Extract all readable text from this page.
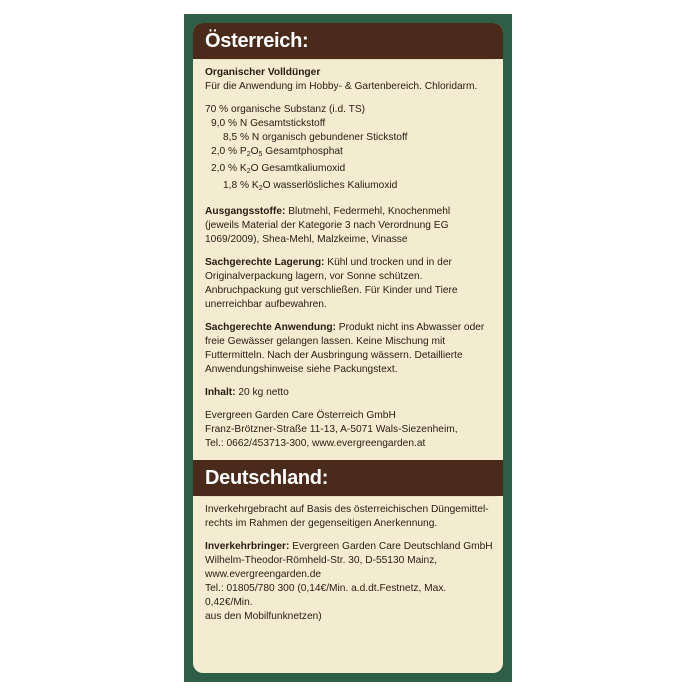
Österreich:

Organischer Volldünger
Für die Anwendung im Hobby- & Gartenbereich. Chloridarm.

70 % organische Substanz (i.d. TS)
9,0 % N Gesamtstickstoff
8,5 % N organisch gebundener Stickstoff
2,0 % $P_2O_5$ Gesamtphosphat
2,0 % $K_2O$ Gesamtkaliumoxid
1,8 % $K_2O$ wasserlösliches Kaliumoxid

Ausgangsstoffe: Blutmehl, Federmehl, Knochenmehl
(jeweils Material der Kategorie 3 nach Verordnung EG
1069/2009), Shea-Mehl, Malzkeime, Vinasse

Sachgerechte Lagerung: Kühl und trocken und in der
Originalverpackung lagern, vor Sonne schützen.
Anbruchpackung gut verschließen. Für Kinder und Tiere
unerreichbar aufbewahren.

Sachgerechte Anwendung: Produkt nicht ins Abwasser oder
freie Gewässer gelangen lassen. Keine Mischung mit
Futtermitteln. Nach der Ausbringung wässern. Detaillierte
Anwendungshinweise siehe Packungstext.

Inhalt: 20 kg netto

Evergreen Garden Care Österreich GmbH
Franz-Brötzner-Straße 11-13, A-5071 Wals-Siezenheim,
Tel.: 0662/453713-300, www.evergreengarden.at

Deutschland:

Inverkehrgebracht auf Basis des österreichischen Düngemittel-
rechts im Rahmen der gegenseitigen Anerkennung.

Inverkehrbringer: Evergreen Garden Care Deutschland GmbH
Wilhelm-Theodor-Römheld-Str. 30, D-55130 Mainz,
www.evergreengarden.de
Tel.: 01805/780 300 (0,14€/Min. a.d.dt.Festnetz, Max. 0,42€/Min.
aus den Mobilfunknetzen)
